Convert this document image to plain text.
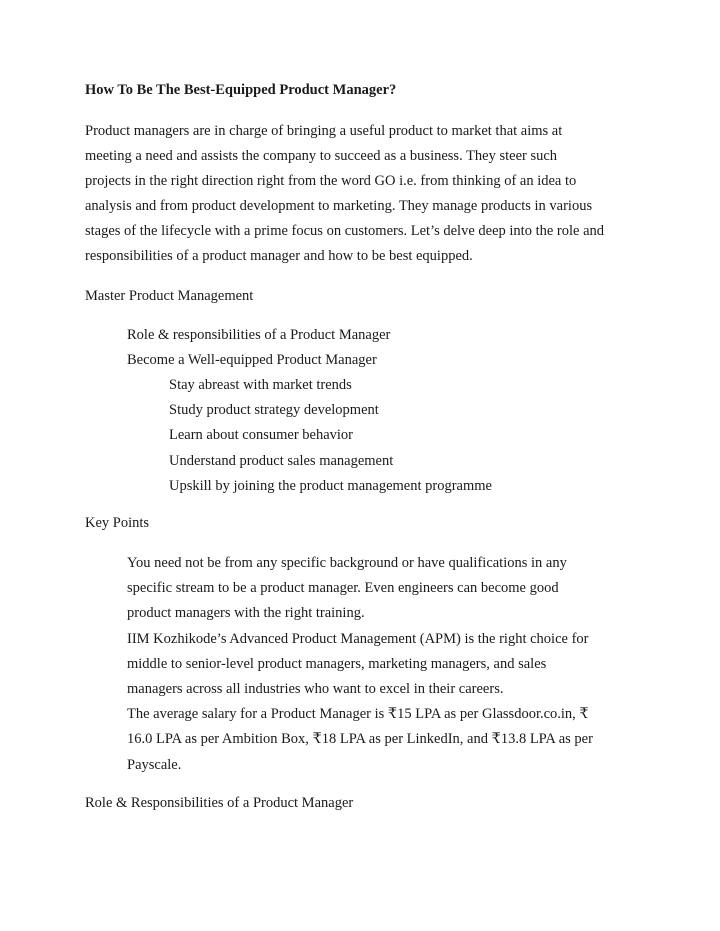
How To Be The Best-Equipped Product Manager?

Product managers are in charge of bringing a useful product to market that aims at
meeting a need and assists the company to succeed as a business. They steer such
projects in the right direction right from the word GO i.e. from thinking of an idea to
analysis and from product development to marketing. They manage products in various
stages of the lifecycle with a prime focus on customers. Let’s delve deep into the role and
responsibilities of a product manager and how to be best equipped.

Master Product Management

Role & responsibilities of a Product Manager
Become a Well-equipped Product Manager
Stay abreast with market trends
Study product strategy development
Learn about consumer behavior
Understand product sales management
Upskill by joining the product management programme

Key Points

You need not be from any specific background or have qualifications in any
specific stream to be a product manager. Even engineers can become good
product managers with the right training.
IIM Kozhikode’s Advanced Product Management (APM) is the right choice for
middle to senior-level product managers, marketing managers, and sales
managers across all industries who want to excel in their careers.
The average salary for a Product Manager is ₹15 LPA as per Glassdoor.co.in, ₹
16.0 LPA as per Ambition Box, ₹18 LPA as per LinkedIn, and ₹13.8 LPA as per
Payscale.

Role & Responsibilities of a Product Manager
